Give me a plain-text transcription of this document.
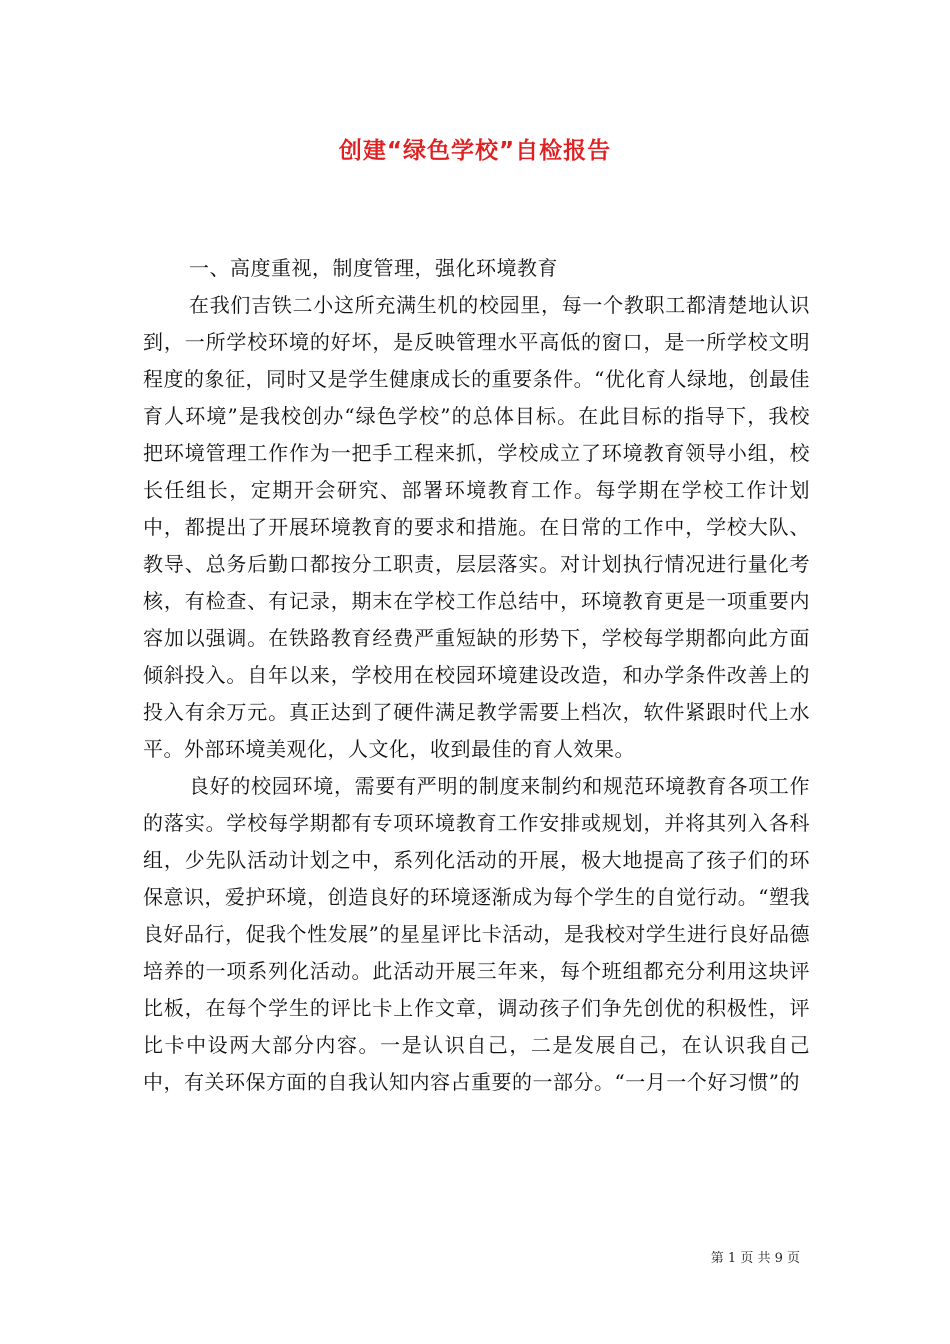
创建“绿色学校”自检报告

一、高度重视，制度管理，强化环境教育

在我们吉铁二小这所充满生机的校园里，每一个教职工都清楚地认识到，一所学校环境的好坏，是反映管理水平高低的窗口，是一所学校文明程度的象征，同时又是学生健康成长的重要条件。“优化育人绿地，创最佳育人环境”是我校创办“绿色学校”的总体目标。在此目标的指导下，我校把环境管理工作作为一把手工程来抓，学校成立了环境教育领导小组，校长任组长，定期开会研究、部署环境教育工作。每学期在学校工作计划中，都提出了开展环境教育的要求和措施。在日常的工作中，学校大队、教导、总务后勤口都按分工职责，层层落实。对计划执行情况进行量化考核，有检查、有记录，期末在学校工作总结中，环境教育更是一项重要内容加以强调。在铁路教育经费严重短缺的形势下，学校每学期都向此方面倾斜投入。自年以来，学校用在校园环境建设改造，和办学条件改善上的投入有余万元。真正达到了硬件满足教学需要上档次，软件紧跟时代上水平。外部环境美观化，人文化，收到最佳的育人效果。

良好的校园环境，需要有严明的制度来制约和规范环境教育各项工作的落实。学校每学期都有专项环境教育工作安排或规划，并将其列入各科组，少先队活动计划之中，系列化活动的开展，极大地提高了孩子们的环保意识，爱护环境，创造良好的环境逐渐成为每个学生的自觉行动。“塑我良好品行，促我个性发展”的星星评比卡活动，是我校对学生进行良好品德培养的一项系列化活动。此活动开展三年来，每个班组都充分利用这块评比板，在每个学生的评比卡上作文章，调动孩子们争先创优的积极性，评比卡中设两大部分内容。一是认识自己，二是发展自己，在认识我自己中，有关环保方面的自我认知内容占重要的一部分。“一月一个好习惯”的

第 1 页 共 9 页
